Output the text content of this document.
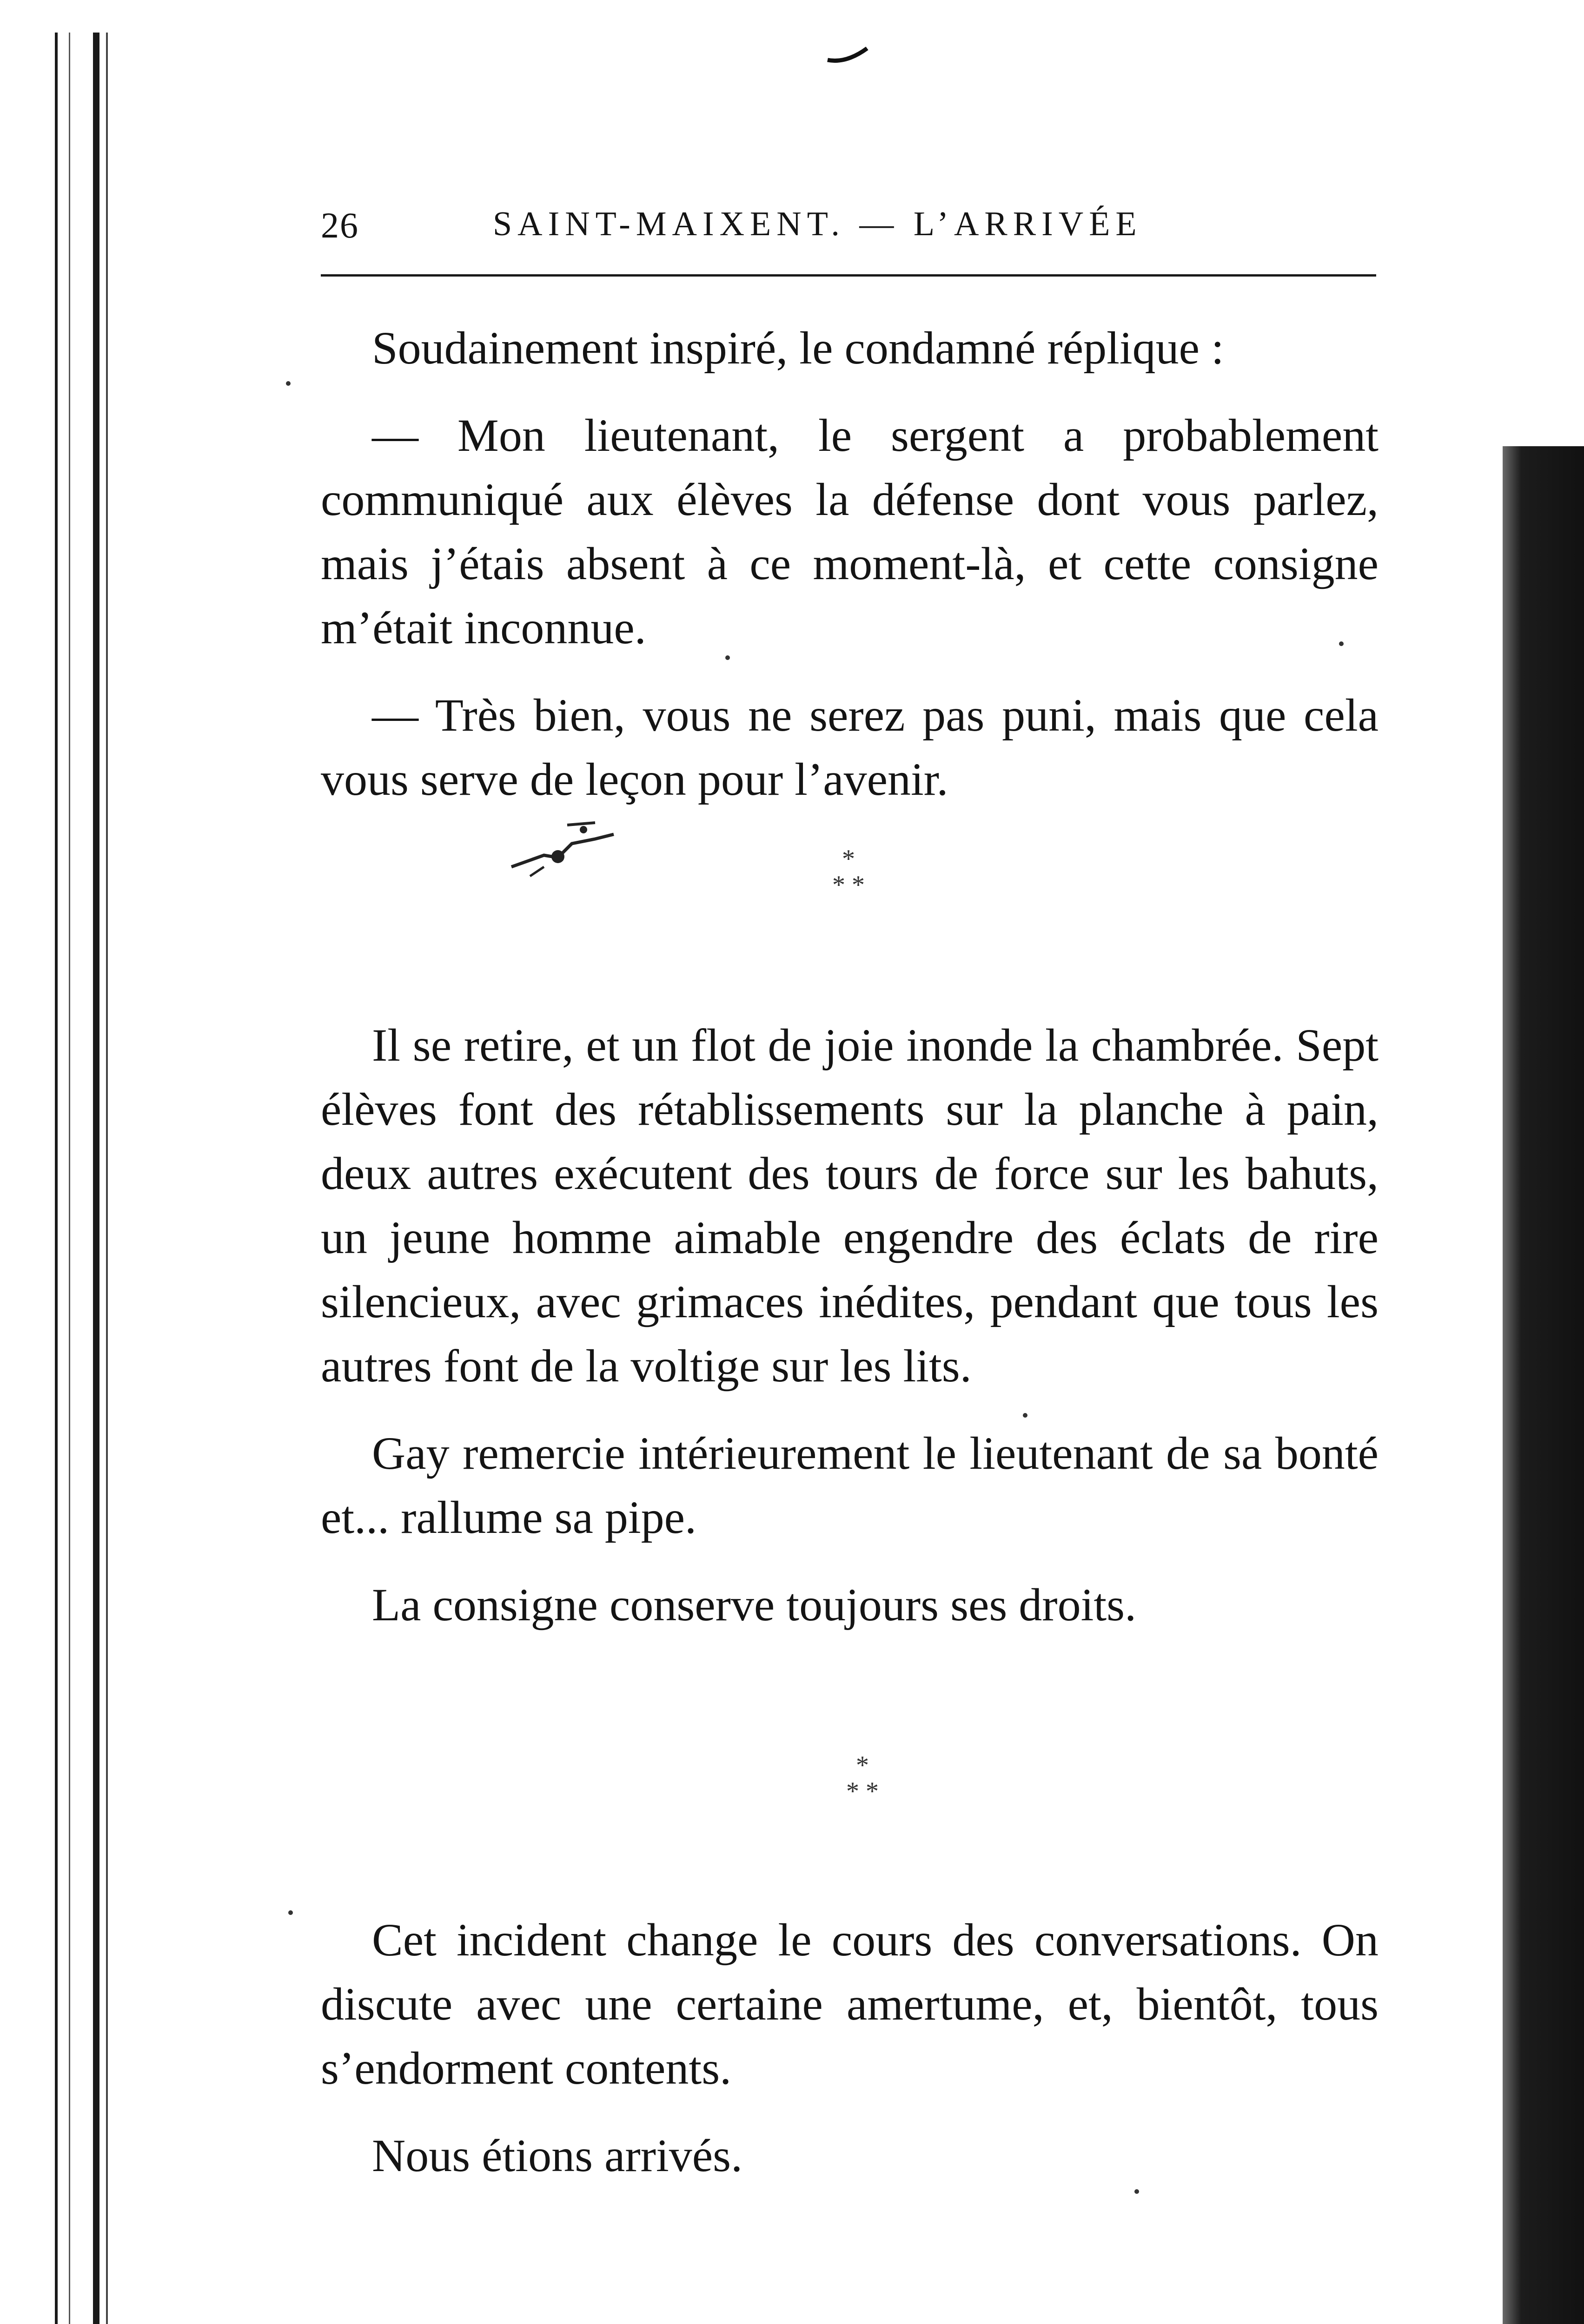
26	SAINT-MAIXENT. — L’ARRIVÉE

Soudainement inspiré, le condamné réplique :

— Mon lieutenant, le sergent a probablement communiqué aux élèves la défense dont vous parlez, mais j’étais absent à ce moment-là, et cette consigne m’était inconnue.

— Très bien, vous ne serez pas puni, mais que cela vous serve de leçon pour l’avenir.

*
* *

Il se retire, et un flot de joie inonde la chambrée. Sept élèves font des rétablissements sur la planche à pain, deux autres exécutent des tours de force sur les bahuts, un jeune homme aimable engendre des éclats de rire silencieux, avec grimaces inédites, pendant que tous les autres font de la voltige sur les lits.

Gay remercie intérieurement le lieutenant de sa bonté et... rallume sa pipe.

La consigne conserve toujours ses droits.

*
* *

Cet incident change le cours des conversations. On discute avec une certaine amertume, et, bientôt, tous s’endorment contents.

Nous étions arrivés.
